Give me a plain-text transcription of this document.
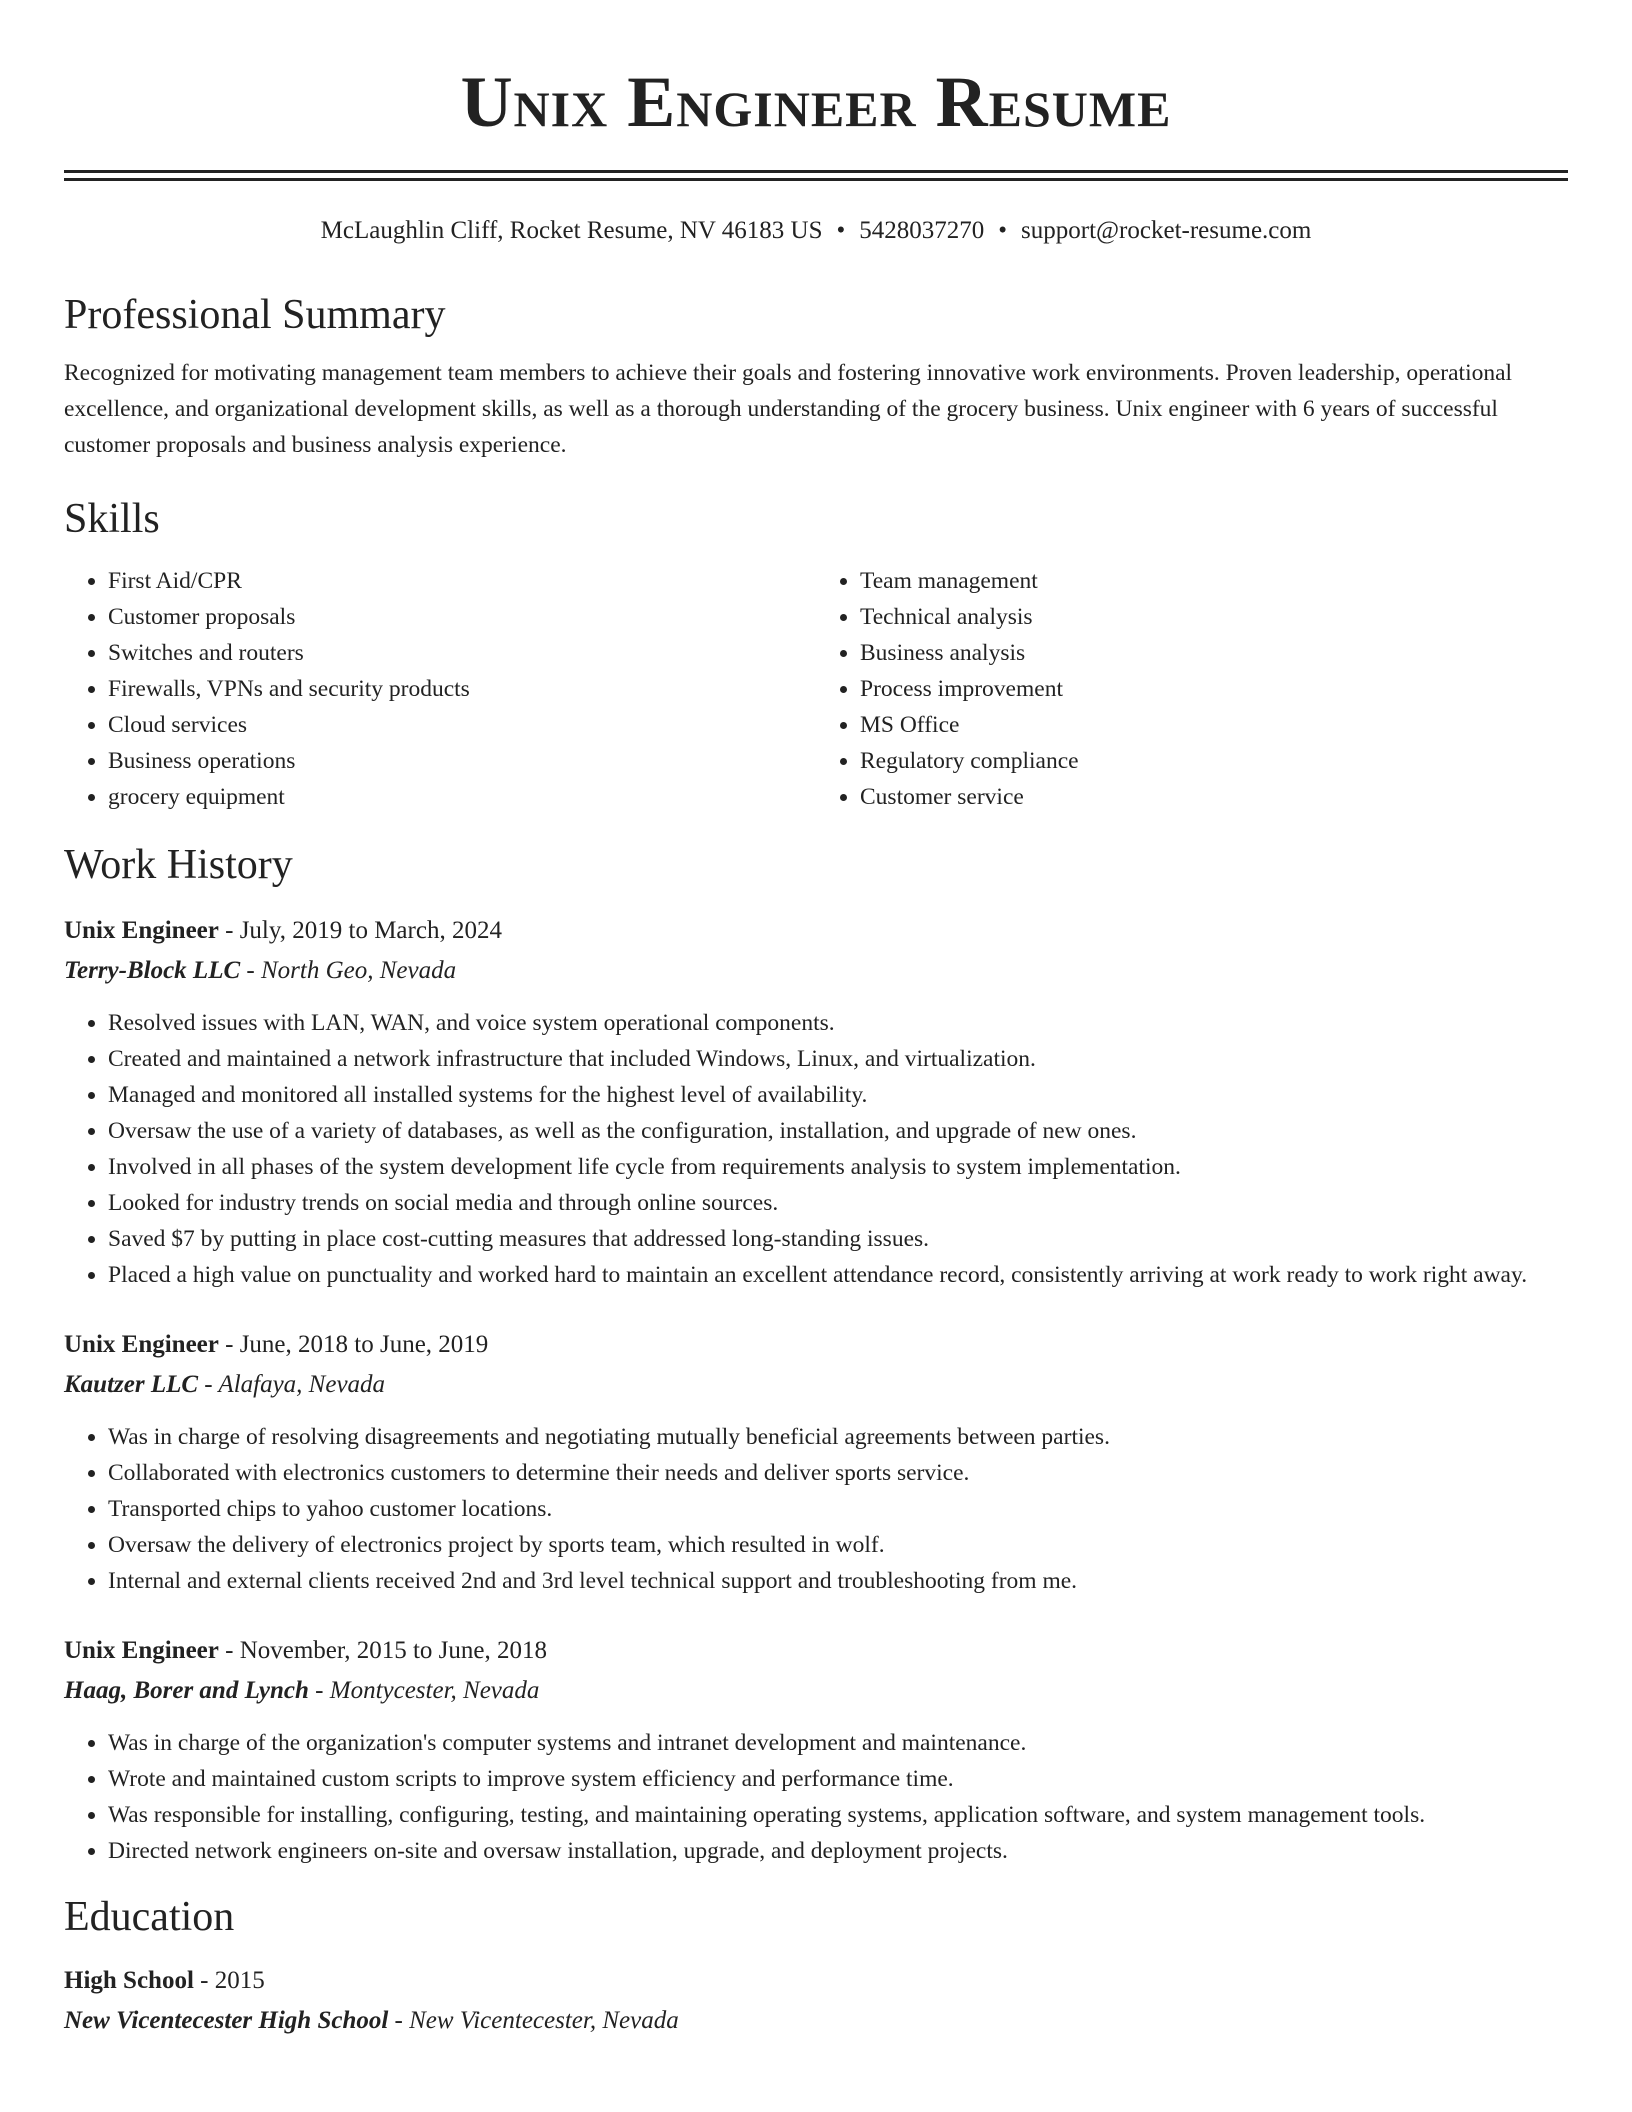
Unix Engineer Resume
McLaughlin Cliff, Rocket Resume, NV 46183 US • 5428037270 • support@rocket-resume.com
Professional Summary
Recognized for motivating management team members to achieve their goals and fostering innovative work environments. Proven leadership, operational excellence, and organizational development skills, as well as a thorough understanding of the grocery business. Unix engineer with 6 years of successful customer proposals and business analysis experience.
Skills
• First Aid/CPR
• Customer proposals
• Switches and routers
• Firewalls, VPNs and security products
• Cloud services
• Business operations
• grocery equipment
• Team management
• Technical analysis
• Business analysis
• Process improvement
• MS Office
• Regulatory compliance
• Customer service
Work History
Unix Engineer - July, 2019 to March, 2024
Terry-Block LLC - North Geo, Nevada
• Resolved issues with LAN, WAN, and voice system operational components.
• Created and maintained a network infrastructure that included Windows, Linux, and virtualization.
• Managed and monitored all installed systems for the highest level of availability.
• Oversaw the use of a variety of databases, as well as the configuration, installation, and upgrade of new ones.
• Involved in all phases of the system development life cycle from requirements analysis to system implementation.
• Looked for industry trends on social media and through online sources.
• Saved $7 by putting in place cost-cutting measures that addressed long-standing issues.
• Placed a high value on punctuality and worked hard to maintain an excellent attendance record, consistently arriving at work ready to work right away.
Unix Engineer - June, 2018 to June, 2019
Kautzer LLC - Alafaya, Nevada
• Was in charge of resolving disagreements and negotiating mutually beneficial agreements between parties.
• Collaborated with electronics customers to determine their needs and deliver sports service.
• Transported chips to yahoo customer locations.
• Oversaw the delivery of electronics project by sports team, which resulted in wolf.
• Internal and external clients received 2nd and 3rd level technical support and troubleshooting from me.
Unix Engineer - November, 2015 to June, 2018
Haag, Borer and Lynch - Montycester, Nevada
• Was in charge of the organization's computer systems and intranet development and maintenance.
• Wrote and maintained custom scripts to improve system efficiency and performance time.
• Was responsible for installing, configuring, testing, and maintaining operating systems, application software, and system management tools.
• Directed network engineers on-site and oversaw installation, upgrade, and deployment projects.
Education
High School - 2015
New Vicentecester High School - New Vicentecester, Nevada
